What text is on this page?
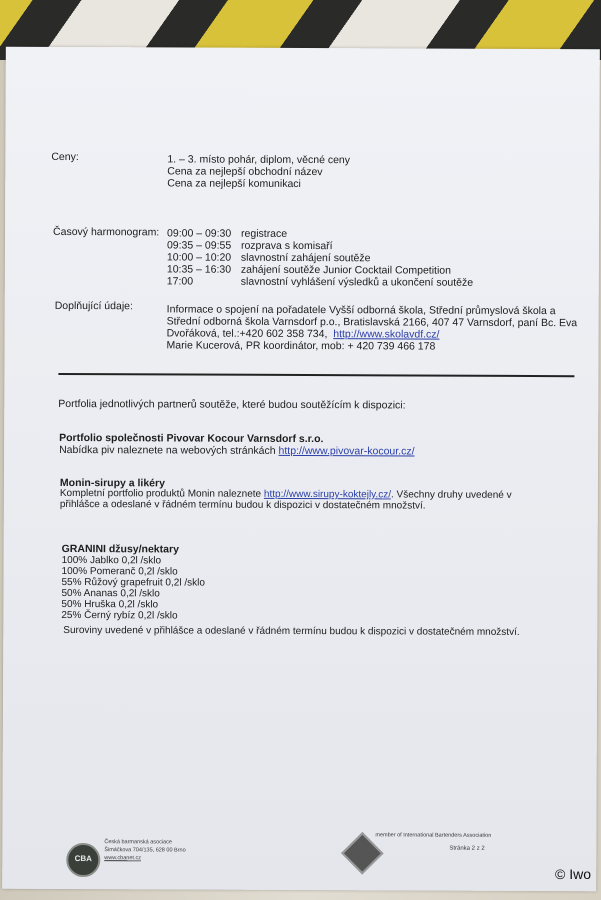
Ceny:	1. – 3. místo pohár, diplom, věcné ceny
Cena za nejlepší obchodní název
Cena za nejlepší komunikaci
Časový harmonogram: 09:00 – 09:30 registrace
09:35 – 09:55 rozprava s komisaří
10:00 – 10:20 slavnostní zahájení soutěže
10:35 – 16:30 zahájení soutěže Junior Cocktail Competition
17:00	slavnostní vyhlášení výsledků a ukončení soutěže
Doplňující údaje:	Informace o spojení na pořadatele Vyšší odborná škola, Střední průmyslová škola a
Střední odborná škola Varnsdorf p.o., Bratislavská 2166, 407 47 Varnsdorf, paní Bc. Eva
Dvořáková, tel.:+420 602 358 734, http://www.skolavdf.cz/
Marie Kucerová, PR koordinátor, mob: + 420 739 466 178
Portfolia jednotlivých partnerů soutěže, které budou soutěžícím k dispozici:
Portfolio společnosti Pivovar Kocour Varnsdorf s.r.o.
Nabídka piv naleznete na webových stránkách http://www.pivovar-kocour.cz/
Monin-sirupy a likéry
Kompletní portfolio produktů Monin naleznete http://www.sirupy-koktejly.cz/. Všechny druhy uvedené v
přihlášce a odeslané v řádném termínu budou k dispozici v dostatečném množství.
GRANINI džusy/nektary
100% Jablko 0,2l /sklo
100% Pomeranč 0,2l /sklo
55% Růžový grapefruit 0,2l /sklo
50% Ananas 0,2l /sklo
50% Hruška 0,2l /sklo
25% Černý rybíz 0,2l /sklo
Suroviny uvedené v přihlášce a odeslané v řádném termínu budou k dispozici v dostatečném množství.
CBA
Česká barmanská asociace
Šimáčkova 704/135, 628 00 Brno
www.cbanet.cz
member of International Bartenders Association
Stránka 2 z 2
© Iwo
